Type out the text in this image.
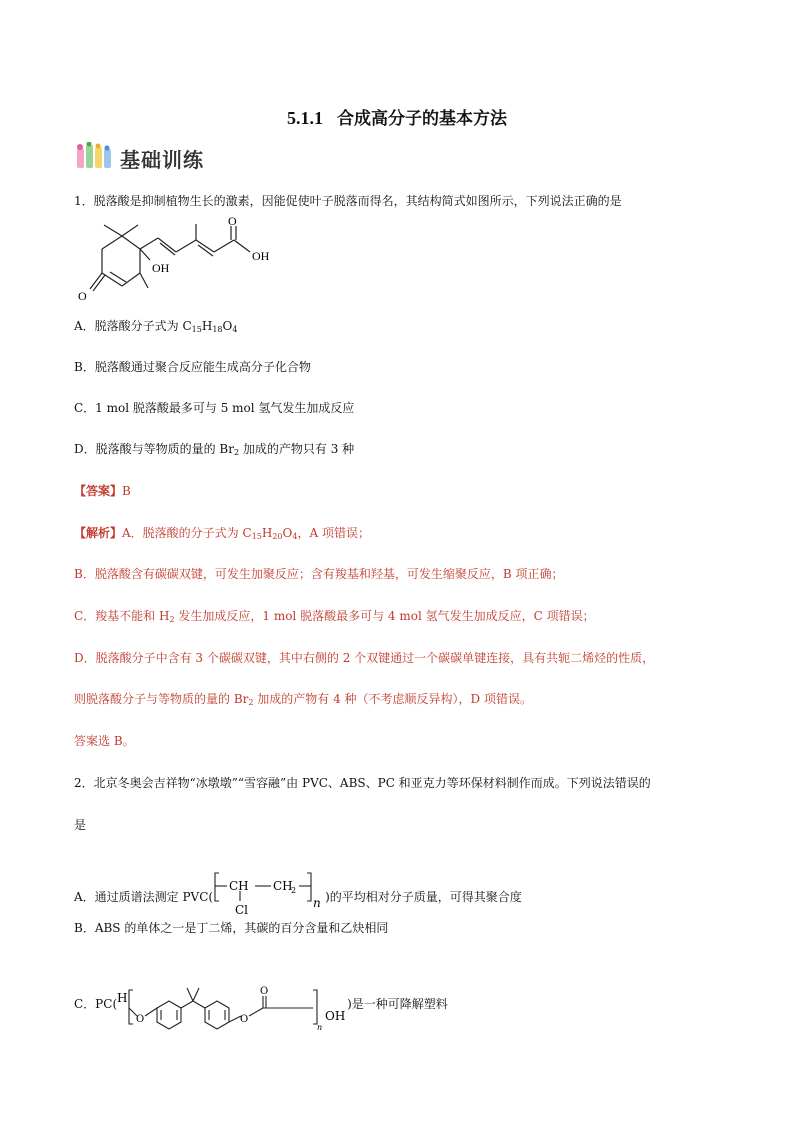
5.1.1 合成高分子的基本方法
基础训练
1．脱落酸是抑制植物生长的激素，因能促使叶子脱落而得名，其结构简式如图所示，下列说法正确的是
OH
O
OH
O
A．脱落酸分子式为 $C_{15}H_{18}O_4$
B．脱落酸通过聚合反应能生成高分子化合物
C．1 mol 脱落酸最多可与 5 mol 氢气发生加成反应
D．脱落酸与等物质的量的 $Br_2$ 加成的产物只有 3 种
【答案】B
【解析】A．脱落酸的分子式为 $C_{15}H_{20}O_4$，A 项错误；
B．脱落酸含有碳碳双键，可发生加聚反应；含有羧基和羟基，可发生缩聚反应，B 项正确；
C．羧基不能和 $H_2$ 发生加成反应，1 mol 脱落酸最多可与 4 mol 氢气发生加成反应，C 项错误；
D．脱落酸分子中含有 3 个碳碳双键，其中右侧的 2 个双键通过一个碳碳单键连接，具有共轭二烯烃的性质，
则脱落酸分子与等物质的量的 $Br_2$ 加成的产物有 4 种（不考虑顺反异构），D 项错误。
答案选 B。
2．北京冬奥会吉祥物“冰墩墩”“雪容融”由 PVC、ABS、PC 和亚克力等环保材料制作而成。下列说法错误的
是
A．通过质谱法测定 PVC(
CH CH
2
Cl	n )的平均相对分子质量，可得其聚合度
B．ABS 的单体之一是丁二烯，其碳的百分含量和乙炔相同
C．PC( H
O	O
O
n
OH
)是一种可降解塑料
